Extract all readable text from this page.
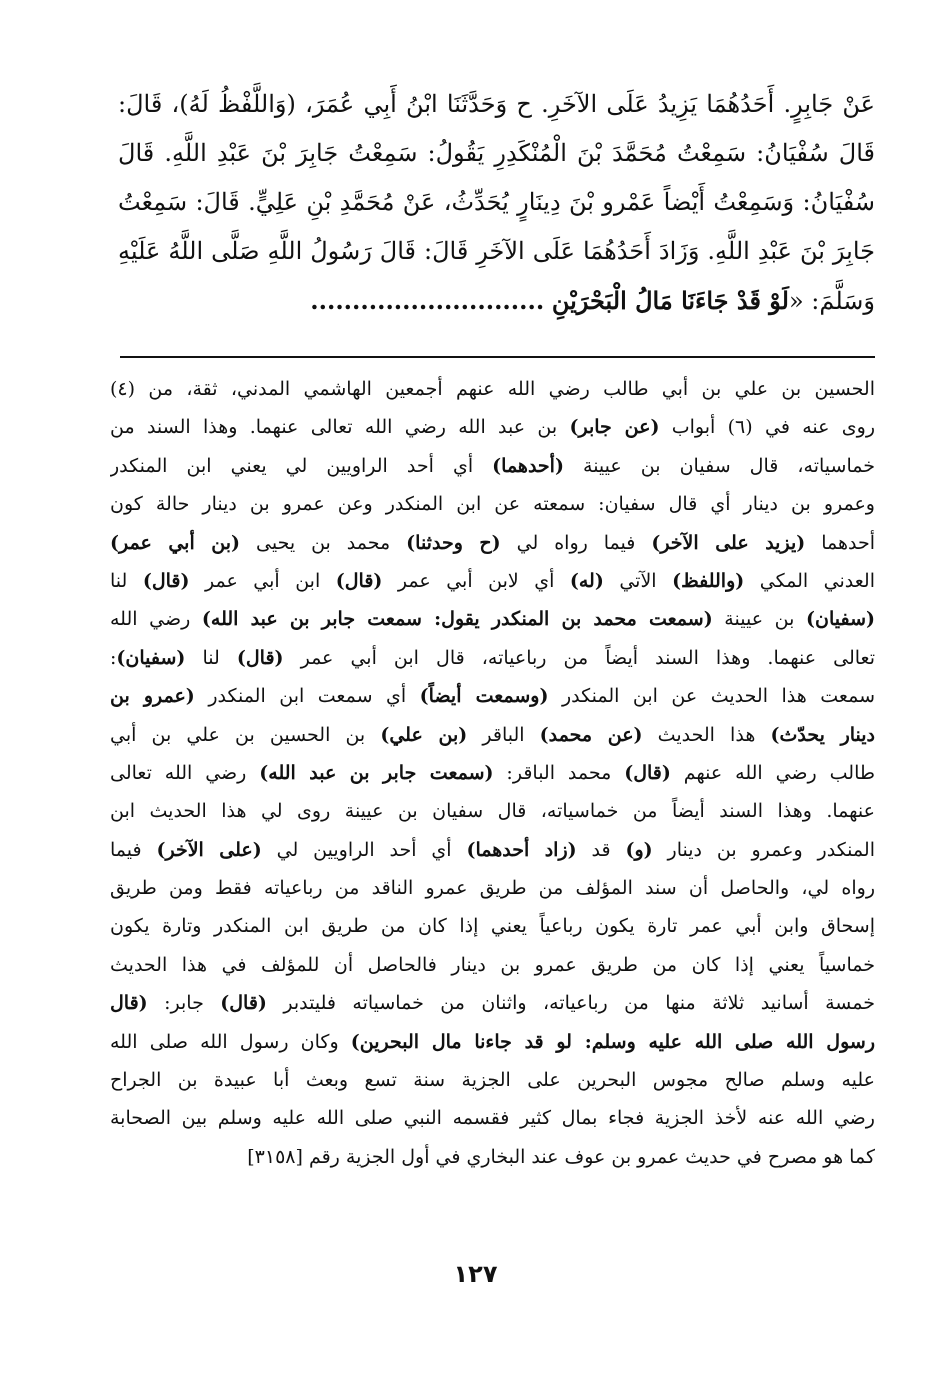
عَنْ جَابِرٍ. أَحَدُهُمَا يَزِيدُ عَلَى الآخَرِ. ح وَحَدَّثَنَا ابْنُ أَبِي عُمَرَ، (وَاللَّفْظُ لَهُ)، قَالَ:
قَالَ سُفْيَانُ: سَمِعْتُ مُحَمَّدَ بْنَ الْمُنْكَدِرِ يَقُولُ: سَمِعْتُ جَابِرَ بْنَ عَبْدِ اللَّهِ. قَالَ
سُفْيَانُ: وَسَمِعْتُ أَيْضاً عَمْرو بْنَ دِينَارٍ يُحَدِّثُ، عَنْ مُحَمَّدِ بْنِ عَلِيٍّ. قَالَ: سَمِعْتُ
جَابِرَ بْنَ عَبْدِ اللَّهِ. وَزَادَ أَحَدُهُمَا عَلَى الآخَرِ قَالَ: قَالَ رَسُولُ اللَّهِ صَلَّى اللَّهُ عَلَيْهِ
وَسَلَّمَ: «لَوْ قَدْ جَاءَنَا مَالُ الْبَحْرَيْنِ ............................
الحسين بن علي بن أبي طالب رضي الله عنهم أجمعين الهاشمي المدني، ثقة، من (٤)
روى عنه في (٦) أبواب (عن جابر) بن عبد الله رضي الله تعالى عنهما. وهذا السند من
خماسياته، قال سفيان بن عيينة (أحدهما) أي أحد الراويين لي يعني ابن المنكدر
وعمرو بن دينار أي قال سفيان: سمعته عن ابن المنكدر وعن عمرو بن دينار حالة كون
أحدهما (يزيد على الآخر) فيما رواه لي (ح وحدثنا) محمد بن يحيى (بن أبي عمر)
العدني المكي (واللفظ) الآتي (له) أي لابن أبي عمر (قال) ابن أبي عمر (قال) لنا
(سفيان) بن عيينة (سمعت محمد بن المنكدر يقول: سمعت جابر بن عبد الله) رضي الله
تعالى عنهما. وهذا السند أيضاً من رباعياته، قال ابن أبي عمر (قال) لنا (سفيان):
سمعت هذا الحديث عن ابن المنكدر (وسمعت أيضاً) أي سمعت ابن المنكدر (عمرو بن
دينار يحدّث) هذا الحديث (عن محمد) الباقر (بن علي) بن الحسين بن علي بن أبي
طالب رضي الله عنهم (قال) محمد الباقر: (سمعت جابر بن عبد الله) رضي الله تعالى
عنهما. وهذا السند أيضاً من خماسياته، قال سفيان بن عيينة روى لي هذا الحديث ابن
المنكدر وعمرو بن دينار (و) قد (زاد أحدهما) أي أحد الراويين لي (على الآخر) فيما
رواه لي، والحاصل أن سند المؤلف من طريق عمرو الناقد من رباعياته فقط ومن طريق
إسحاق وابن أبي عمر تارة يكون رباعياً يعني إذا كان من طريق ابن المنكدر وتارة يكون
خماسياً يعني إذا كان من طريق عمرو بن دينار فالحاصل أن للمؤلف في هذا الحديث
خمسة أسانيد ثلاثة منها من رباعياته، واثنان من خماسياته فليتدبر (قال) جابر: (قال
رسول الله صلى الله عليه وسلم: لو قد جاءنا مال البحرين) وكان رسول الله صلى الله
عليه وسلم صالح مجوس البحرين على الجزية سنة تسع وبعث أبا عبيدة بن الجراح
رضي الله عنه لأخذ الجزية فجاء بمال كثير فقسمه النبي صلى الله عليه وسلم بين الصحابة
كما هو مصرح في حديث عمرو بن عوف عند البخاري في أول الجزية رقم [٣١٥٨]
١٢٧
